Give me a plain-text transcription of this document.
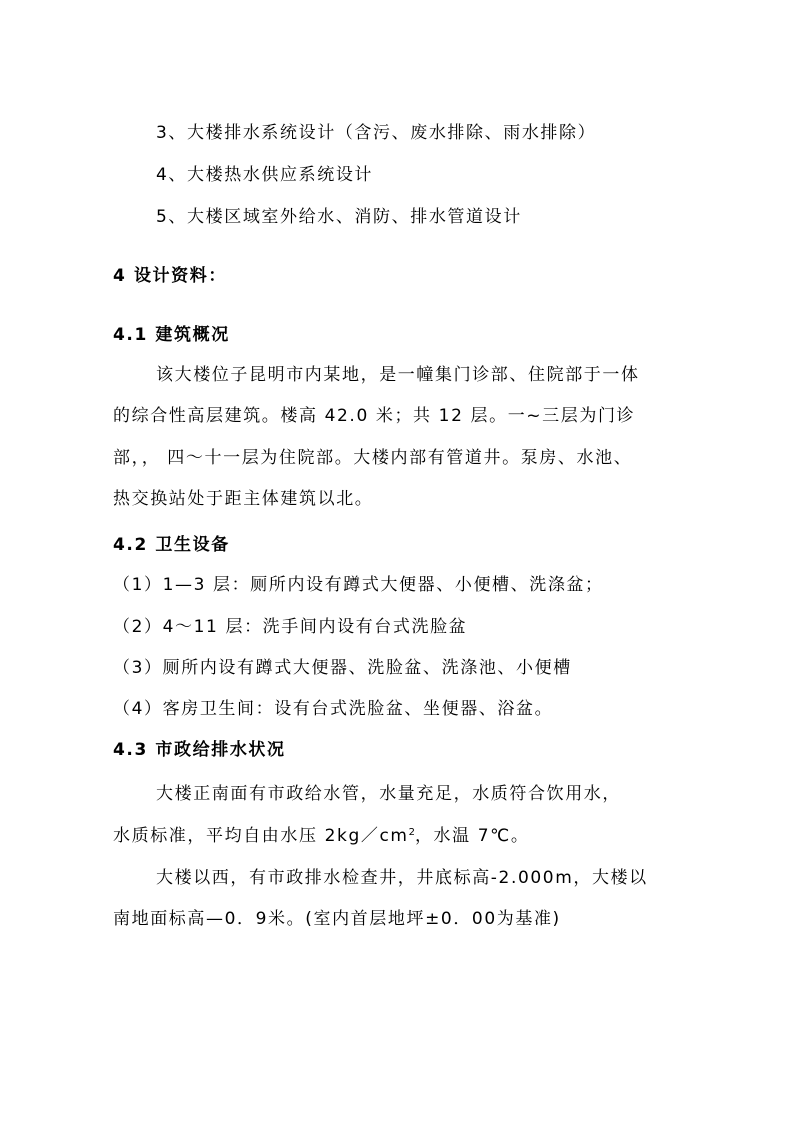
3、大楼排水系统设计（含污、废水排除、雨水排除）
4、大楼热水供应系统设计
5、大楼区域室外给水、消防、排水管道设计
4 设计资料：
4.1 建筑概况
该大楼位子昆明市内某地，是一幢集门诊部、住院部于一体
的综合性高层建筑。楼高 42.0 米；共 12 层。一~三层为门诊
部，， 四～十一层为住院部。大楼内部有管道井。泵房、水池、
热交换站处于距主体建筑以北。
4.2 卫生设备
（1）1—3 层：厕所内设有蹲式大便器、小便槽、洗涤盆；
（2）4～11 层：洗手间内设有台式洗脸盆
（3）厕所内设有蹲式大便器、洗脸盆、洗涤池、小便槽
（4）客房卫生间：设有台式洗脸盆、坐便器、浴盆。
4.3 市政给排水状况
大楼正南面有市政给水管，水量充足，水质符合饮用水，
水质标准，平均自由水压 $2kg/cm^2$，水温 7℃。
大楼以西，有市政排水检查井，井底标高-2.000m，大楼以
南地面标高—0．9米。(室内首层地坪±0．00为基准)
